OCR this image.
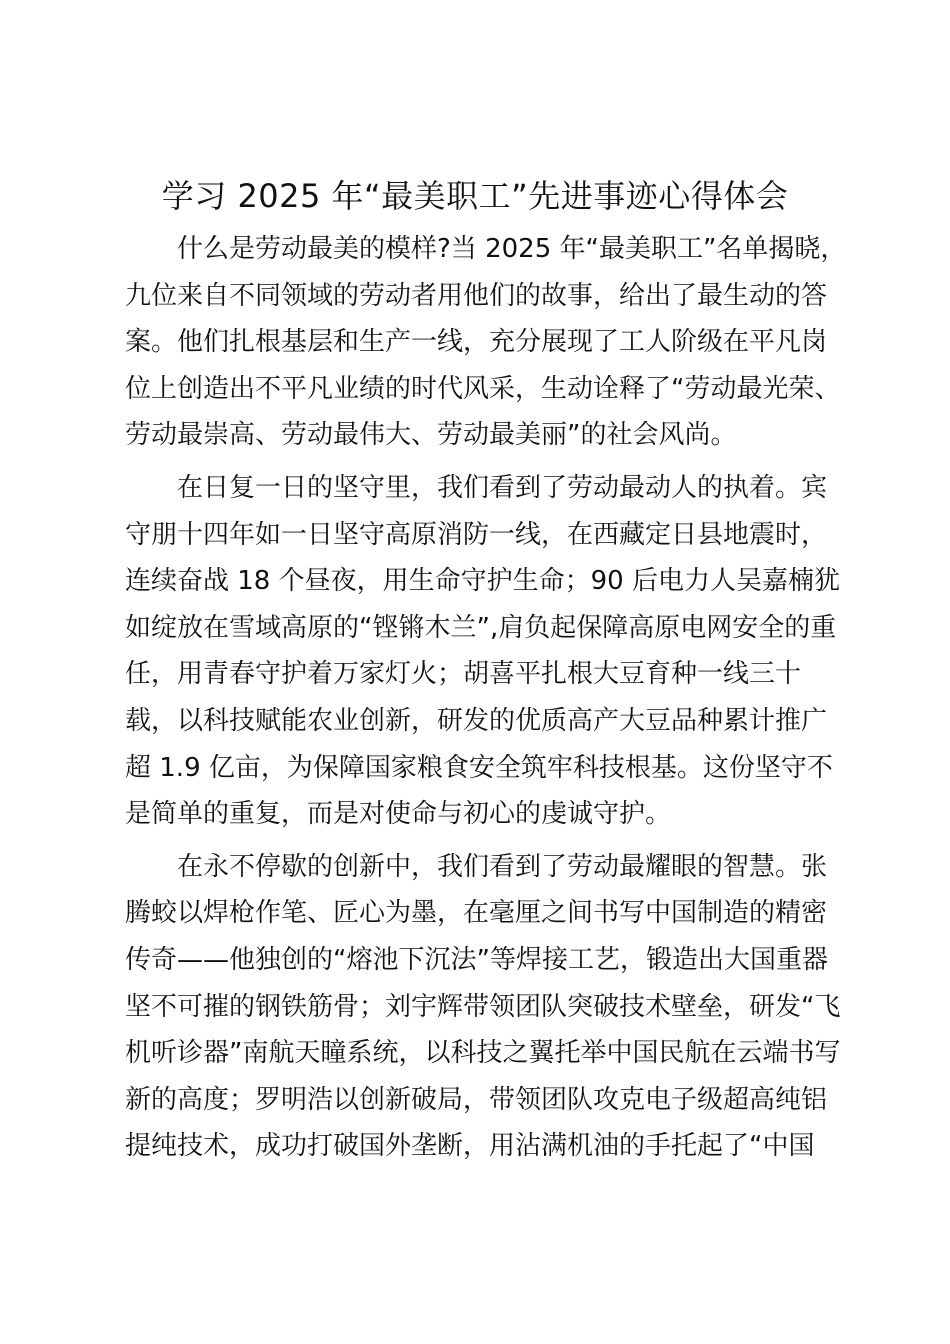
学习 2025 年“最美职工”先进事迹心得体会
什么是劳动最美的模样?当 2025 年“最美职工”名单揭晓，
九位来自不同领域的劳动者用他们的故事，给出了最生动的答
案。他们扎根基层和生产一线，充分展现了工人阶级在平凡岗
位上创造出不平凡业绩的时代风采，生动诠释了“劳动最光荣、
劳动最崇高、劳动最伟大、劳动最美丽”的社会风尚。
在日复一日的坚守里，我们看到了劳动最动人的执着。宾
守朋十四年如一日坚守高原消防一线，在西藏定日县地震时，
连续奋战 18 个昼夜，用生命守护生命；90 后电力人吴嘉楠犹
如绽放在雪域高原的“铿锵木兰”,肩负起保障高原电网安全的重
任，用青春守护着万家灯火；胡喜平扎根大豆育种一线三十
载，以科技赋能农业创新，研发的优质高产大豆品种累计推广
超 1.9 亿亩，为保障国家粮食安全筑牢科技根基。这份坚守不
是简单的重复，而是对使命与初心的虔诚守护。
在永不停歇的创新中，我们看到了劳动最耀眼的智慧。张
腾蛟以焊枪作笔、匠心为墨，在毫厘之间书写中国制造的精密
传奇——他独创的“熔池下沉法”等焊接工艺，锻造出大国重器
坚不可摧的钢铁筋骨；刘宇辉带领团队突破技术壁垒，研发“飞
机听诊器”南航天瞳系统，以科技之翼托举中国民航在云端书写
新的高度；罗明浩以创新破局，带领团队攻克电子级超高纯铝
提纯技术，成功打破国外垄断，用沾满机油的手托起了“中国
